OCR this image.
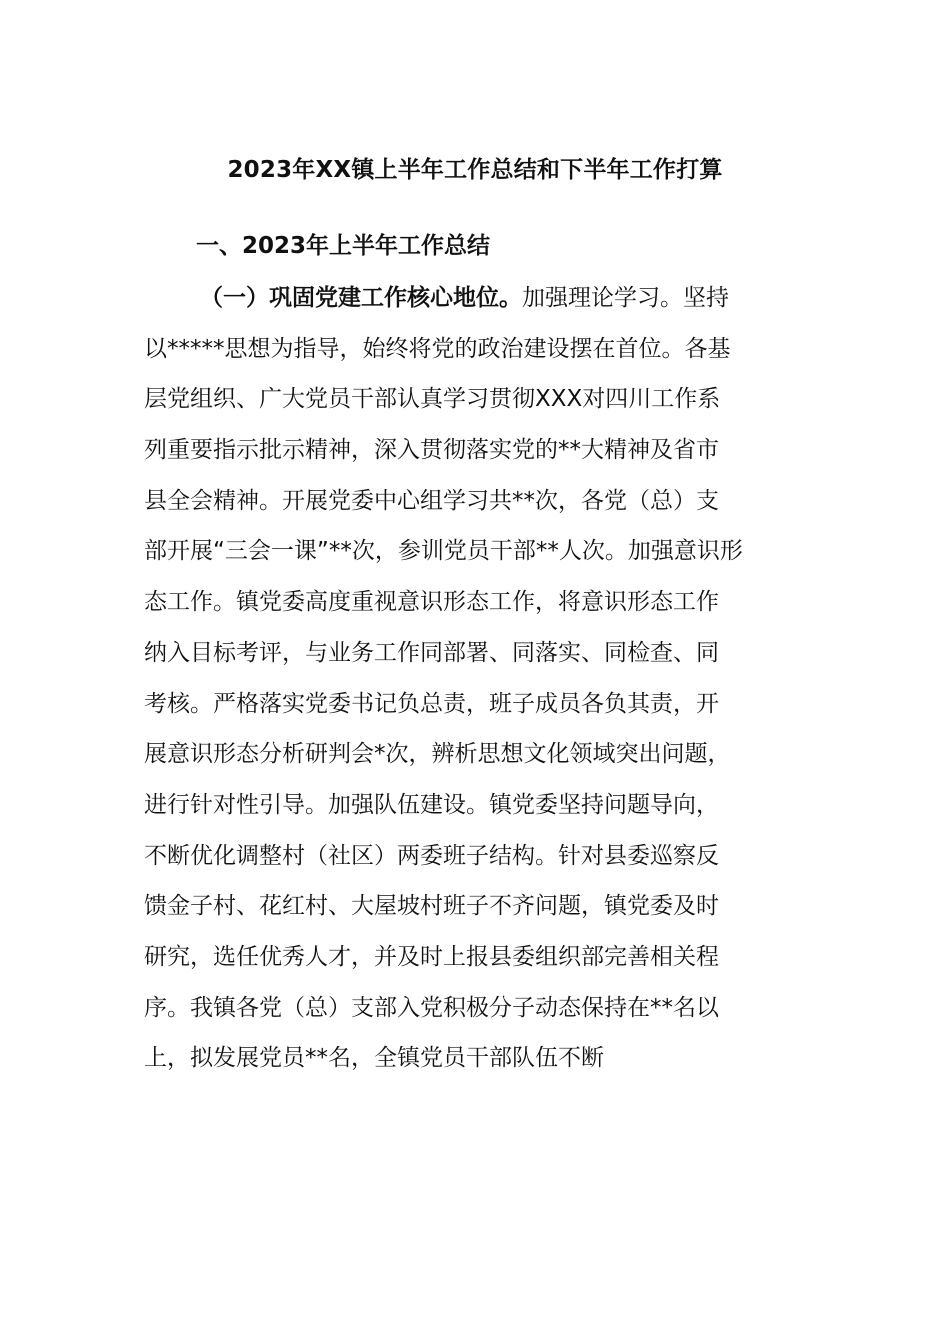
2023年XX镇上半年工作总结和下半年工作打算
一、2023年上半年工作总结
（一）巩固党建工作核心地位。加强理论学习。坚持
以*****思想为指导，始终将党的政治建设摆在首位。各基
层党组织、广大党员干部认真学习贯彻XXX对四川工作系
列重要指示批示精神，深入贯彻落实党的**大精神及省市
县全会精神。开展党委中心组学习共**次，各党（总）支
部开展“三会一课”**次，参训党员干部**人次。加强意识形
态工作。镇党委高度重视意识形态工作，将意识形态工作
纳入目标考评，与业务工作同部署、同落实、同检查、同
考核。严格落实党委书记负总责，班子成员各负其责，开
展意识形态分析研判会*次，辨析思想文化领域突出问题，
进行针对性引导。加强队伍建设。镇党委坚持问题导向，
不断优化调整村（社区）两委班子结构。针对县委巡察反
馈金子村、花红村、大屋坡村班子不齐问题，镇党委及时
研究，选任优秀人才，并及时上报县委组织部完善相关程
序。我镇各党（总）支部入党积极分子动态保持在**名以
上，拟发展党员**名，全镇党员干部队伍不断
